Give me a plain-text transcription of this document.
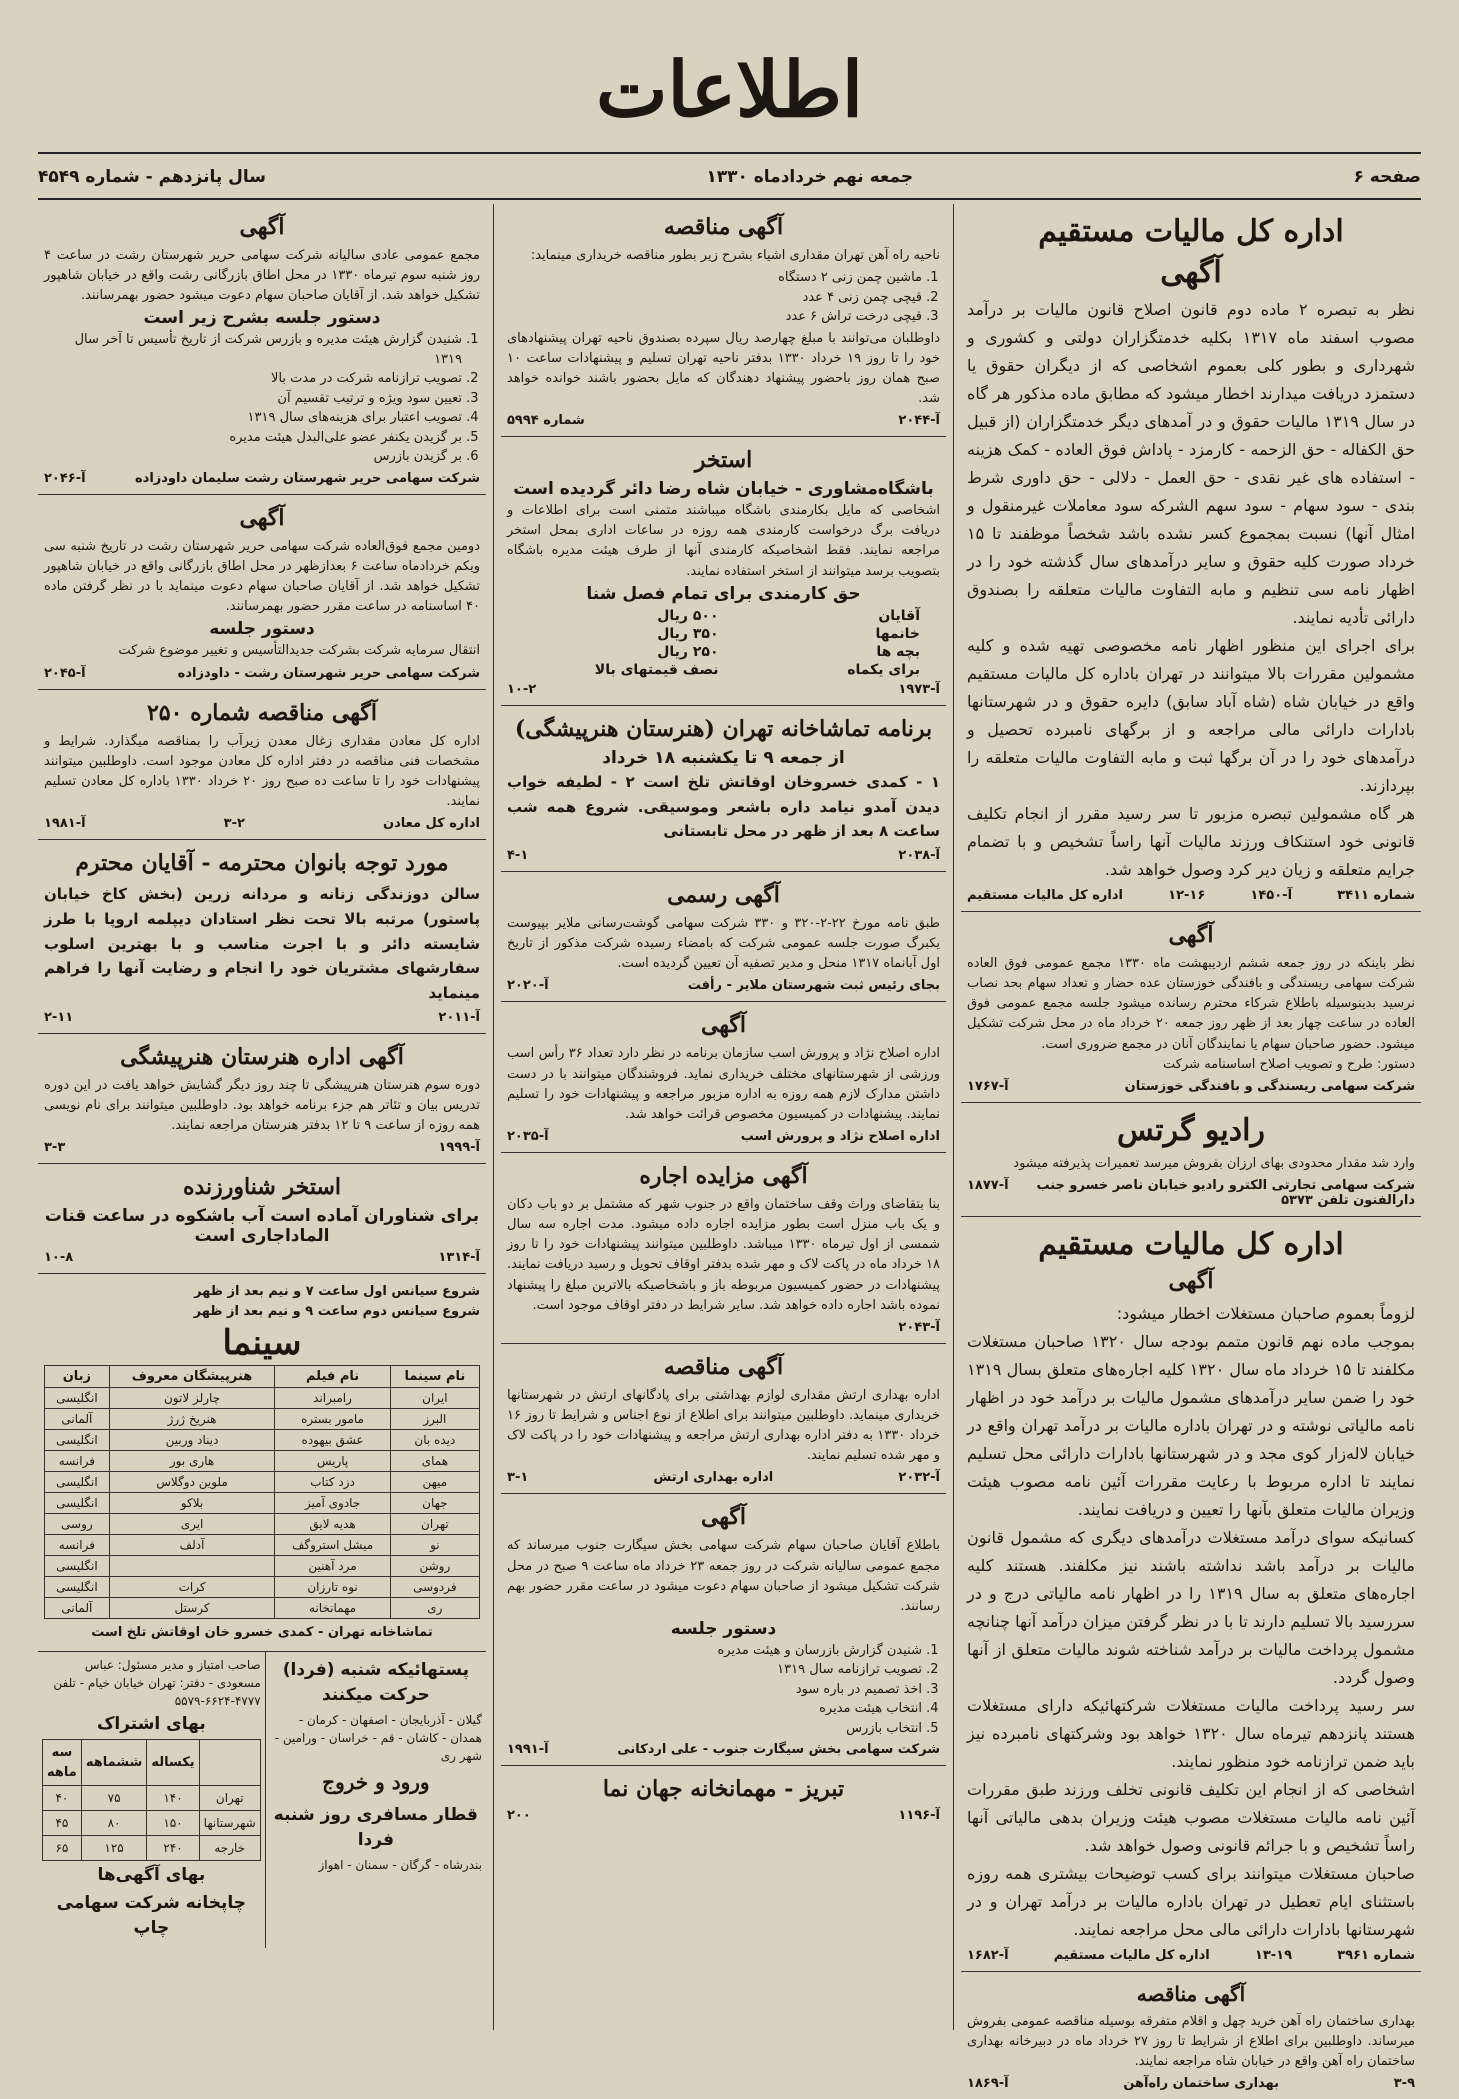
اطلاعات
صفحه ۶
جمعه نهم خردادماه ۱۳۳۰
سال پانزدهم - شماره ۴۵۴۹
اداره کل مالیات مستقیم
آگهی
نظر به تبصره ۲ ماده دوم قانون اصلاح قانون مالیات بر درآمد مصوب اسفند ماه ۱۳۱۷ بکلیه خدمتگزاران دولتی و کشوری و شهرداری و بطور کلی بعموم اشخاصی که از دیگران حقوق یا دستمزد دریافت میدارند اخطار میشود که مطابق ماده مذکور هر گاه در سال ۱۳۱۹ مالیات حقوق و در آمدهای دیگر خدمتگزاران (از قبیل حق الکفاله - حق الزحمه - کارمزد - پاداش فوق العاده - کمک هزینه - استفاده های غیر نقدی - حق العمل - دلالی - حق داوری شرط بندی - سود سهام - سود سهم الشرکه سود معاملات غیرمنقول و امثال آنها) نسبت بمجموع کسر نشده باشد شخصاً موظفند تا ۱۵ خرداد صورت کلیه حقوق و سایر درآمدهای سال گذشته خود را در اظهار نامه سی تنظیم و مابه التفاوت مالیات متعلقه را بصندوق دارائی تأدیه نمایند.
برای اجرای این منظور اظهار نامه مخصوصی تهیه شده و کلیه مشمولین مقررات بالا میتوانند در تهران باداره کل مالیات مستقیم واقع در خیابان شاه (شاه آباد سابق) دایره حقوق و در شهرستانها بادارات دارائی مالی مراجعه و از برگهای نامبرده تحصیل و درآمدهای خود را در آن برگها ثبت و مابه التفاوت مالیات متعلقه را بپردازند.
هر گاه مشمولین تبصره مزبور تا سر رسید مقرر از انجام تکلیف قانونی خود استنکاف ورزند مالیات آنها راساً تشخیص و با تضمام جرایم متعلقه و زیان دیر کرد وصول خواهد شد.
شماره ۳۴۱۱
آ-۱۴۵۰
۱۲-۱۶
اداره کل مالیات مستقیم
آگهی
نظر باینکه در روز جمعه ششم اردیبهشت ماه ۱۳۳۰ مجمع عمومی فوق العاده شرکت سهامی ریسندگی و بافندگی خوزستان عده حضار و تعداد سهام بحد نصاب نرسید بدینوسیله باطلاع شرکاء محترم رسانده میشود جلسه مجمع عمومی فوق العاده در ساعت چهار بعد از ظهر روز جمعه ۲۰ خرداد ماه در محل شرکت تشکیل میشود. حضور صاحبان سهام یا نمایندگان آنان در مجمع ضروری است.
دستور: طرح و تصویب اصلاح اساسنامه شرکت
شرکت سهامی ریسندگی و بافندگی خوزستان
آ-۱۷۶۷
رادیو گرتس
وارد شد مقدار محدودی بهای ارزان بفروش میرسد تعمیرات پذیرفته میشود
شرکت سهامی تجارتی الکترو رادیو خیابان ناصر خسرو جنب دارالفنون تلفن ۵۳۷۳
آ-۱۸۷۷
اداره کل مالیات مستقیم
آگهی
لزوماً بعموم صاحبان مستغلات اخطار میشود:
بموجب ماده نهم قانون متمم بودجه سال ۱۳۲۰ صاحبان مستغلات مکلفند تا ۱۵ خرداد ماه سال ۱۳۲۰ کلیه اجاره‌های متعلق بسال ۱۳۱۹ خود را ضمن سایر درآمدهای مشمول مالیات بر درآمد خود در اظهار نامه مالیاتی نوشته و در تهران باداره مالیات بر درآمد تهران واقع در خیابان لاله‌زار کوی مجد و در شهرستانها بادارات دارائی محل تسلیم نمایند تا اداره مربوط با رعایت مقررات آئین نامه مصوب هیئت وزیران مالیات متعلق بآنها را تعیین و دریافت نمایند.
کسانیکه سوای درآمد مستغلات درآمدهای دیگری که مشمول قانون مالیات بر درآمد باشد نداشته باشند نیز مکلفند. هستند کلیه اجاره‌های متعلق به سال ۱۳۱۹ را در اظهار نامه مالیاتی درج و در سررسید بالا تسلیم دارند تا با در نظر گرفتن میزان درآمد آنها چنانچه مشمول پرداخت مالیات بر درآمد شناخته شوند مالیات متعلق از آنها وصول گردد.
سر رسید پرداخت مالیات مستغلات شرکتهائیکه دارای مستغلات هستند پانزدهم تیرماه سال ۱۳۲۰ خواهد بود وشرکتهای نامبرده نیز باید ضمن ترازنامه خود منظور نمایند.
اشخاصی که از انجام این تکلیف قانونی تخلف ورزند طبق مقررات آئین نامه مالیات مستغلات مصوب هیئت وزیران بدهی مالیاتی آنها راساً تشخیص و با جرائم قانونی وصول خواهد شد.
صاحبان مستغلات میتوانند برای کسب توضیحات بیشتری همه روزه باستثنای ایام تعطیل در تهران باداره مالیات بر درآمد تهران و در شهرستانها بادارات دارائی مالی محل مراجعه نمایند.
شماره ۳۹۶۱
۱۳-۱۹
اداره کل مالیات مستقیم
آ-۱۶۸۲
آگهی مناقصه
بهداری ساختمان راه آهن خرید چهل و اقلام متفرقه بوسیله مناقصه عمومی بفروش میرساند. داوطلبین برای اطلاع از شرایط تا روز ۲۷ خرداد ماه در دبیرخانه بهداری ساختمان راه آهن واقع در خیابان شاه مراجعه نمایند.
۳-۹
بهداری ساختمان راه‌آهن
آ-۱۸۶۹
آگهی مناقصه
ناحیه راه آهن تهران مقداری اشیاء بشرح زیر بطور مناقصه خریداری مینماید:
1. ماشین چمن زنی ۲ دستگاه
2. قیچی چمن زنی ۴ عدد
3. قیچی درخت تراش ۶ عدد
داوطلبان می‌توانند با مبلغ چهارصد ریال سپرده بصندوق ناحیه تهران پیشنهادهای خود را تا روز ۱۹ خرداد ۱۳۳۰ بدفتر ناحیه تهران تسلیم و پیشنهادات ساعت ۱۰ صبح همان روز باحضور پیشنهاد دهندگان که مایل بحضور باشند خوانده خواهد شد.
آ-۲۰۴۴
شماره ۵۹۹۴
استخر
باشگاه‌مشاوری - خیابان شاه رضا دائر گردیده است
اشخاصی که مایل بکارمندی باشگاه میباشند متمنی است برای اطلاعات و دریافت برگ درخواست کارمندی همه روزه در ساعات اداری بمحل استخر مراجعه نمایند. فقط اشخاصیکه کارمندی آنها از طرف هیئت مدیره باشگاه بتصویب برسد میتوانند از استخر استفاده نمایند.
حق کارمندی برای تمام فصل شنا
آقایان
۵۰۰ ریال
خانمها
۳۵۰ ریال
بچه ها
۲۵۰ ریال
برای یکماه
نصف قیمتهای بالا
آ-۱۹۷۳
۱۰-۲
برنامه تماشاخانه تهران (هنرستان هنرپیشگی)
از جمعه ۹ تا یکشنبه ۱۸ خرداد
۱ - کمدی خسرو‌خان اوقاتش تلخ است ۲ - لطیفه خواب دیدن آمدو نیامد داره باشعر وموسیقی. شروع همه شب ساعت ۸ بعد از ظهر در محل تابستانی
آ-۲۰۳۸
۴-۱
آگهی رسمی
طبق نامه مورخ ۲۲-۲-۳۲۰ و ۳۳۰ شرکت سهامی گوشت‌رسانی ملایر بپیوست یکبرگ صورت جلسه عمومی شرکت که بامضاء رسیده شرکت مذکور از تاریخ اول آبانماه ۱۳۱۷ منحل و مدیر تصفیه آن تعیین گردیده است.
بجای رئیس ثبت شهرستان ملایر - رأفت
آ-۲۰۲۰
آگهی
اداره اصلاح نژاد و پرورش اسب سازمان برنامه در نظر دارد تعداد ۳۶ رأس اسب ورزشی از شهرستانهای مختلف خریداری نماید. فروشندگان میتوانند با در دست داشتن مدارک لازم همه روزه به اداره مزبور مراجعه و پیشنهادات خود را تسلیم نمایند. پیشنهادات در کمیسیون مخصوص قرائت خواهد شد.
اداره اصلاح نژاد و پرورش اسب
آ-۲۰۳۵
آگهی مزایده اجاره
بنا بتقاضای وراث وقف ساختمان واقع در جنوب شهر که مشتمل بر دو باب دکان و یک باب منزل است بطور مزایده اجاره داده میشود. مدت اجاره سه سال شمسی از اول تیرماه ۱۳۳۰ میباشد. داوطلبین میتوانند پیشنهادات خود را تا روز ۱۸ خرداد ماه در پاکت لاک و مهر شده بدفتر اوقاف تحویل و رسید دریافت نمایند. پیشنهادات در حضور کمیسیون مربوطه باز و باشخاصیکه بالاترین مبلغ را پیشنهاد نموده باشد اجاره داده خواهد شد. سایر شرایط در دفتر اوقاف موجود است.
آ-۲۰۴۳
آگهی مناقصه
اداره بهداری ارتش مقداری لوازم بهداشتی برای پادگانهای ارتش در شهرستانها خریداری مینماید. داوطلبین میتوانند برای اطلاع از نوع اجناس و شرایط تا روز ۱۶ خرداد ۱۳۳۰ به دفتر اداره بهداری ارتش مراجعه و پیشنهادات خود را در پاکت لاک و مهر شده تسلیم نمایند.
آ-۲۰۳۲
اداره بهداری ارتش
۳-۱
آگهی
باطلاع آقایان صاحبان سهام شرکت سهامی بخش سیگارت جنوب میرساند که مجمع عمومی سالیانه شرکت در روز جمعه ۲۳ خرداد ماه ساعت ۹ صبح در محل شرکت تشکیل میشود از صاحبان سهام دعوت میشود در ساعت مقرر حضور بهم رسانند.
دستور جلسه
1. شنیدن گزارش بازرسان و هیئت مدیره
2. تصویب ترازنامه سال ۱۳۱۹
3. اخذ تصمیم در باره سود
4. انتخاب هیئت مدیره
5. انتخاب بازرس
شرکت سهامی بخش سیگارت جنوب - علی اردکانی
آ-۱۹۹۱
تبریز - مهمانخانه جهان نما
آ-۱۱۹۶
۲۰۰
آگهی
مجمع عمومی عادی سالیانه شرکت سهامی حریر شهرستان رشت در ساعت ۴ روز شنبه سوم تیرماه ۱۳۳۰ در محل اطاق بازرگانی رشت واقع در خیابان شاهپور تشکیل خواهد شد. از آقایان صاحبان سهام دعوت میشود حضور بهمرسانند.
دستور جلسه بشرح زیر است
1. شنیدن گزارش هیئت مدیره و بازرس شرکت از تاریخ تأسیس تا آخر سال ۱۳۱۹
2. تصویب ترازنامه شرکت در مدت بالا
3. تعیین سود ویژه و ترتیب تقسیم آن
4. تصویب اعتبار برای هزینه‌های سال ۱۳۱۹
5. بر گزیدن یکنفر عضو علی‌البدل هیئت مدیره
6. بر گزیدن بازرس
شرکت سهامی حریر شهرستان رشت سلیمان داودزاده
آ-۲۰۴۶
آگهی
دومین مجمع فوق‌العاده شرکت سهامی حریر شهرستان رشت در تاریخ شنبه سی ویکم خردادماه ساعت ۶ بعدازظهر در محل اطاق بازرگانی واقع در خیابان شاهپور تشکیل خواهد شد. از آقایان صاحبان سهام دعوت مینماید با در نظر گرفتن ماده ۴۰ اساسنامه در ساعت مقرر حضور بهمرسانند.
دستور جلسه
انتقال سرمایه شرکت بشرکت جدیدالتأسیس و تغییر موضوع شرکت
شرکت سهامی حریر شهرستان رشت - داودزاده
آ-۲۰۴۵
آگهی مناقصه شماره ۲۵۰
اداره کل معادن مقداری زغال معدن زیرآب را بمناقصه میگذارد. شرایط و مشخصات فنی مناقصه در دفتر اداره کل معادن موجود است. داوطلبین میتوانند پیشنهادات خود را تا ساعت ده صبح روز ۲۰ خرداد ۱۳۳۰ باداره کل معادن تسلیم نمایند.
اداره کل معادن
۳-۲
آ-۱۹۸۱
مورد توجه بانوان محترمه - آقایان محترم
سالن دوزندگی زنانه و مردانه زرین (بخش کاخ خیابان پاستور) مرتبه بالا تحت نظر استادان دیپلمه اروپا با طرز شایسته دائر و با اجرت مناسب و با بهترین اسلوب سفارشهای مشتریان خود را انجام و رضایت آنها را فراهم مینماید
آ-۲۰۱۱
۲-۱۱
آگهی اداره هنرستان هنرپیشگی
دوره سوم هنرستان هنرپیشگی تا چند روز دیگر گشایش خواهد یافت در این دوره تدریس بیان و تئاتر هم جزء برنامه خواهد بود. داوطلبین میتوانند برای نام نویسی همه روزه از ساعت ۹ تا ۱۲ بدفتر هنرستان مراجعه نمایند.
آ-۱۹۹۹
۳-۳
استخر شناورزنده
برای شناوران آماده است آب باشکوه در ساعت قنات الماداجاری است
آ-۱۳۱۴
۱۰-۸
شروع سیانس اول ساعت ۷ و نیم بعد از ظهر
شروع سیانس دوم ساعت ۹ و نیم بعد از ظهر
سینما
نام سینما	نام فیلم	هنرپیشگان معروف	زبان
ایران	رامبراند	چارلز لاتون	انگلیسی
البرز	مامور بستره	هنریخ ژرژ	آلمانی
دیده بان	عشق بیهوده	دیناد وربین	انگلیسی
همای	پاریس	هاری بور	فرانسه
میهن	دزد کتاب	ملوین دوگلاس	انگلیسی
جهان	جادوی آمیز	بلاکو	انگلیسی
تهران	هدیه لایق	ایری	روسی
نو	میشل استروگف	آدلف	فرانسه
روشن	مرد آهنین		انگلیسی
فردوسی	نوه تارزان	کرات	انگلیسی
ری	مهمانخانه	کرستل	آلمانی
تماشاخانه تهران - کمدی خسرو خان اوقاتش تلخ است
پستهائیکه شنبه (فردا) حرکت میکنند
گیلان - آذربایجان - اصفهان - کرمان - همدان - کاشان - قم - خراسان - ورامین - شهر ری
ورود و خروج
قطار مسافری روز شنبه فردا
بندرشاه - گرگان - سمنان - اهواز
صاحب امتیاز و مدیر مسئول: عباس مسعودی - دفتر: تهران خیابان خیام - تلفن ۴۷۷۷-۶۶۲۴-۵۵۷۹
بهای اشتراک
	یکساله	ششماهه	سه ماهه
تهران	۱۴۰	۷۵	۴۰
شهرستانها	۱۵۰	۸۰	۴۵
خارجه	۲۴۰	۱۲۵	۶۵
بهای آگهی‌ها
چاپخانه شرکت سهامی چاپ
